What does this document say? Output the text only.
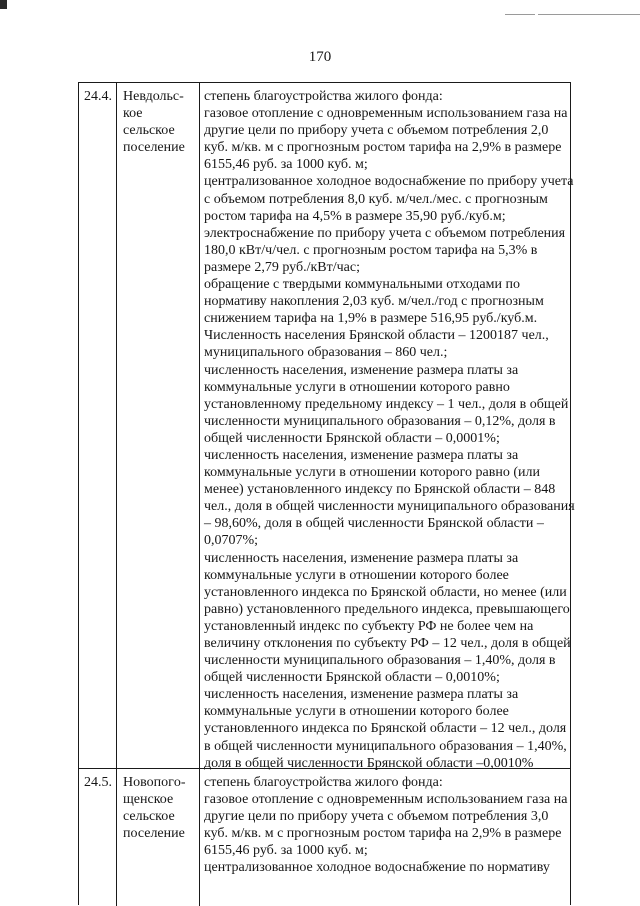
170
24.4. Невдольс-
кое
сельское
поселение
степень благоустройства жилого фонда:
газовое отопление с одновременным использованием газа на
другие цели по прибору учета с объемом потребления 2,0
куб. м/кв. м с прогнозным ростом тарифа на 2,9% в размере
6155,46 руб. за 1000 куб. м;
централизованное холодное водоснабжение по прибору учета
с объемом потребления 8,0 куб. м/чел./мес. с прогнозным
ростом тарифа на 4,5% в размере 35,90 руб./куб.м;
электроснабжение по прибору учета с объемом потребления
180,0 кВт/ч/чел. с прогнозным ростом тарифа на 5,3% в
размере 2,79 руб./кВт/час;
обращение с твердыми коммунальными отходами по
нормативу накопления 2,03 куб. м/чел./год с прогнозным
снижением тарифа на 1,9% в размере 516,95 руб./куб.м.
Численность населения Брянской области – 1200187 чел.,
муниципального образования – 860 чел.;
численность населения, изменение размера платы за
коммунальные услуги в отношении которого равно
установленному предельному индексу – 1 чел., доля в общей
численности муниципального образования – 0,12%, доля в
общей численности Брянской области – 0,0001%;
численность населения, изменение размера платы за
коммунальные услуги в отношении которого равно (или
менее) установленного индексу по Брянской области – 848
чел., доля в общей численности муниципального образования
– 98,60%, доля в общей численности Брянской области –
0,0707%;
численность населения, изменение размера платы за
коммунальные услуги в отношении которого более
установленного индекса по Брянской области, но менее (или
равно) установленного предельного индекса, превышающего
установленный индекс по субъекту РФ не более чем на
величину отклонения по субъекту РФ – 12 чел., доля в общей
численности муниципального образования – 1,40%, доля в
общей численности Брянской области – 0,0010%;
численность населения, изменение размера платы за
коммунальные услуги в отношении которого более
установленного индекса по Брянской области – 12 чел., доля
в общей численности муниципального образования – 1,40%,
доля в общей численности Брянской области –0,0010%
24.5. Новопогo-
щенское
сельское
поселение
степень благоустройства жилого фонда:
газовое отопление с одновременным использованием газа на
другие цели по прибору учета с объемом потребления 3,0
куб. м/кв. м с прогнозным ростом тарифа на 2,9% в размере
6155,46 руб. за 1000 куб. м;
централизованное холодное водоснабжение по нормативу
